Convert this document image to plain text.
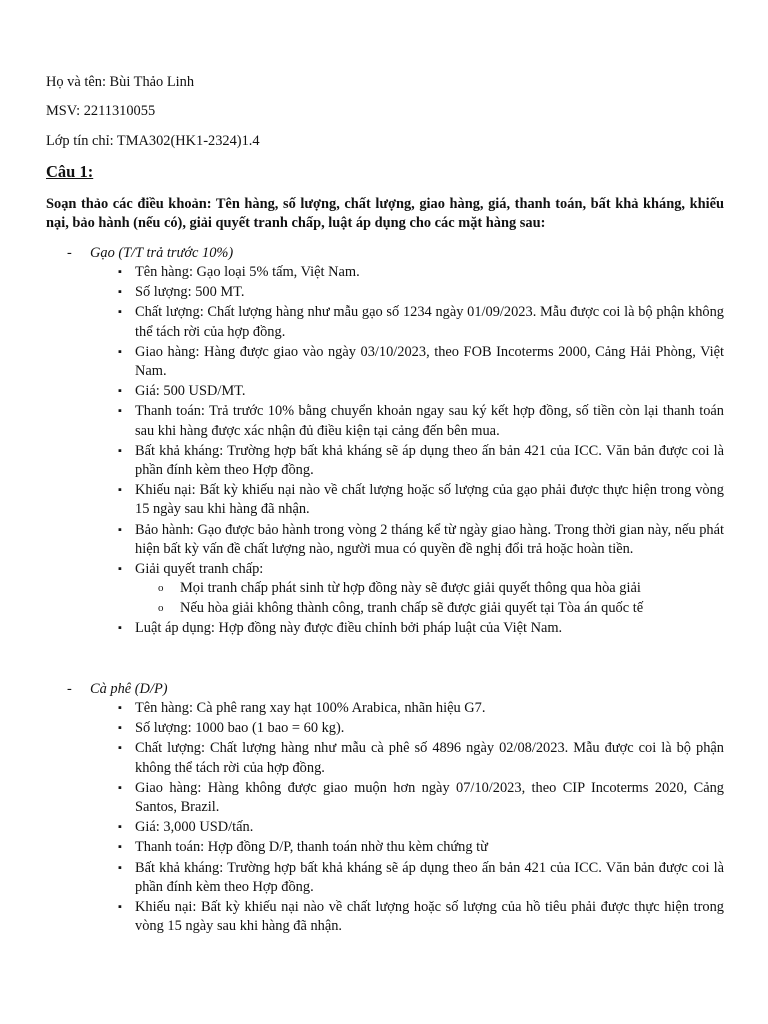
Họ và tên: Bùi Thảo Linh

MSV: 2211310055

Lớp tín chỉ: TMA302(HK1-2324)1.4

Câu 1:

Soạn thảo các điều khoản: Tên hàng, số lượng, chất lượng, giao hàng, giá, thanh toán, bất khả kháng, khiếu nại, bảo hành (nếu có), giải quyết tranh chấp, luật áp dụng cho các mặt hàng sau:

- Gạo (T/T trả trước 10%)
▪ Tên hàng: Gạo loại 5% tấm, Việt Nam.
▪ Số lượng: 500 MT.
▪ Chất lượng: Chất lượng hàng như mẫu gạo số 1234 ngày 01/09/2023. Mẫu được coi là bộ phận không thể tách rời của hợp đồng.
▪ Giao hàng: Hàng được giao vào ngày 03/10/2023, theo FOB Incoterms 2000, Cảng Hải Phòng, Việt Nam.
▪ Giá: 500 USD/MT.
▪ Thanh toán: Trả trước 10% bằng chuyển khoản ngay sau ký kết hợp đồng, số tiền còn lại thanh toán sau khi hàng được xác nhận đủ điều kiện tại cảng đến bên mua.
▪ Bất khả kháng: Trường hợp bất khả kháng sẽ áp dụng theo ấn bản 421 của ICC. Văn bản được coi là phần đính kèm theo Hợp đồng.
▪ Khiếu nại: Bất kỳ khiếu nại nào về chất lượng hoặc số lượng của gạo phải được thực hiện trong vòng 15 ngày sau khi hàng đã nhận.
▪ Bảo hành: Gạo được bảo hành trong vòng 2 tháng kể từ ngày giao hàng. Trong thời gian này, nếu phát hiện bất kỳ vấn đề chất lượng nào, người mua có quyền đề nghị đổi trả hoặc hoàn tiền.
▪ Giải quyết tranh chấp:
o Mọi tranh chấp phát sinh từ hợp đồng này sẽ được giải quyết thông qua hòa giải
o Nếu hòa giải không thành công, tranh chấp sẽ được giải quyết tại Tòa án quốc tế
▪ Luật áp dụng: Hợp đồng này được điều chỉnh bởi pháp luật của Việt Nam.
- Cà phê (D/P)
▪ Tên hàng: Cà phê rang xay hạt 100% Arabica, nhãn hiệu G7.
▪ Số lượng: 1000 bao (1 bao = 60 kg).
▪ Chất lượng: Chất lượng hàng như mẫu cà phê số 4896 ngày 02/08/2023. Mẫu được coi là bộ phận không thể tách rời của hợp đồng.
▪ Giao hàng: Hàng không được giao muộn hơn ngày 07/10/2023, theo CIP Incoterms 2020, Cảng Santos, Brazil.
▪ Giá: 3,000 USD/tấn.
▪ Thanh toán: Hợp đồng D/P, thanh toán nhờ thu kèm chứng từ
▪ Bất khả kháng: Trường hợp bất khả kháng sẽ áp dụng theo ấn bản 421 của ICC. Văn bản được coi là phần đính kèm theo Hợp đồng.
▪ Khiếu nại: Bất kỳ khiếu nại nào về chất lượng hoặc số lượng của hồ tiêu phải được thực hiện trong vòng 15 ngày sau khi hàng đã nhận.
